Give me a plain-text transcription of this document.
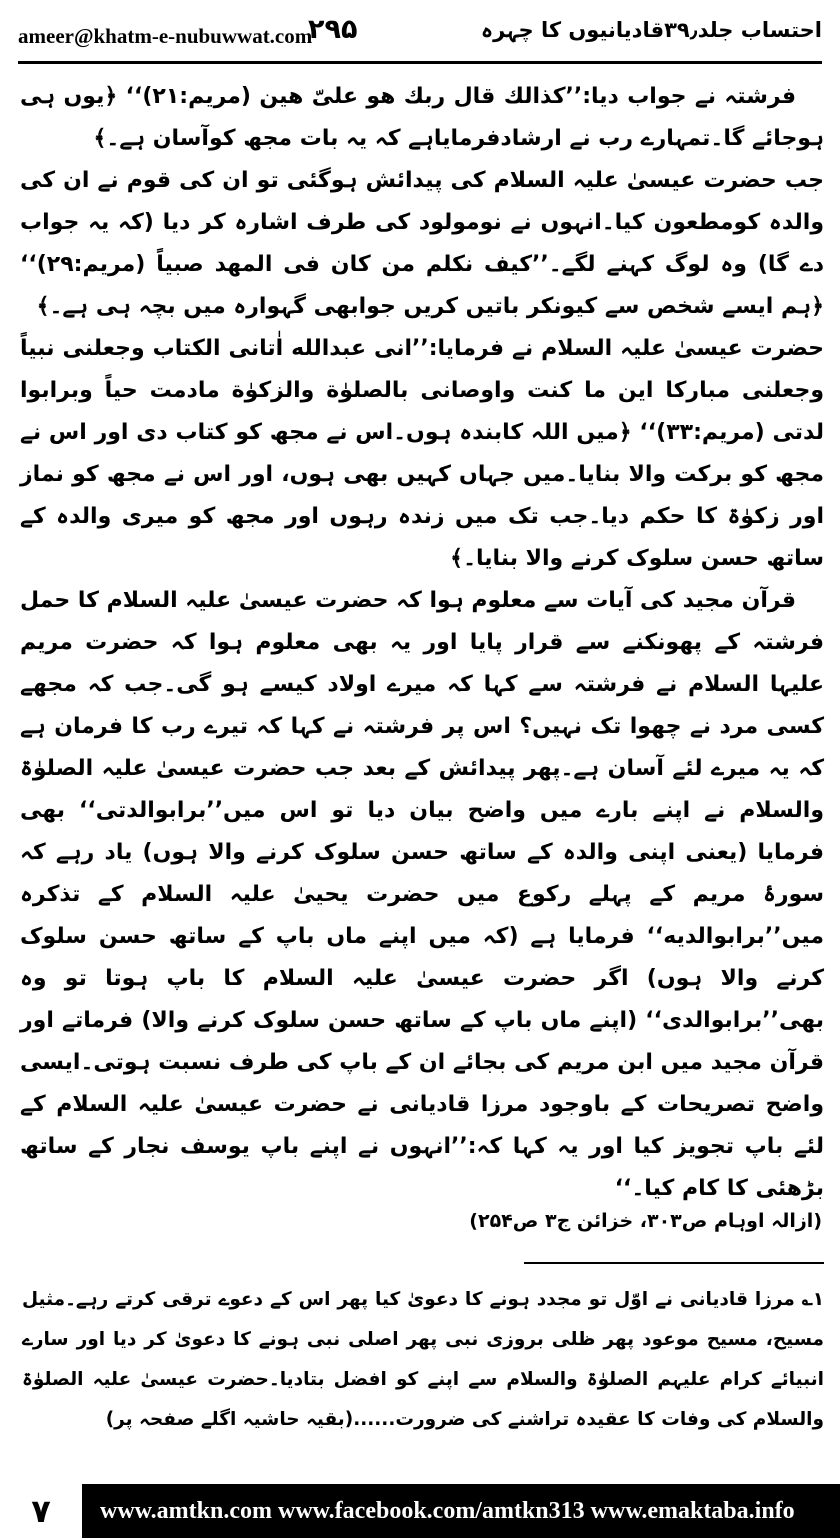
ameer@khatm-e-nubuwwat.com
۲۹۵	احتساب جلد۳۹٫قادیانیوں کا چہرہ

فرشتہ نے جواب دیا:’’کذالك قال ربك هو علىّ هين (مريم:٢١)‘‘ ﴿یوں ہی ہوجائے گا۔تمہارے رب نے ارشادفرمایاہے کہ یہ بات مجھ کوآسان ہے۔﴾

جب حضرت عیسیٰ علیہ السلام کی پیدائش ہوگئی تو ان کی قوم نے ان کی والدہ کومطعون کیا۔انہوں نے نومولود کی طرف اشارہ کر دیا (کہ یہ جواب دے گا) وہ لوگ کہنے لگے۔’’كيف نكلم من كان فى المهد صبياً (مريم:٢٩)‘‘ ﴿ہم ایسے شخص سے کیونکر باتیں کریں جوابھی گہوارہ میں بچہ ہی ہے۔﴾

حضرت عیسیٰ علیہ السلام نے فرمایا:’’انى عبدالله اٰتانى الكتاب وجعلنى نبياً وجعلنى مباركا اين ما كنت واوصانى بالصلوٰة والزكوٰة مادمت حياً وبرابوا لدتى (مريم:٣٣)‘‘ ﴿میں اللہ کابندہ ہوں۔اس نے مجھ کو کتاب دی اور اس نے مجھ کو برکت والا بنایا۔میں جہاں کہیں بھی ہوں، اور اس نے مجھ کو نماز اور زکوٰۃ کا حکم دیا۔جب تک میں زندہ رہوں اور مجھ کو میری والدہ کے ساتھ حسن سلوک کرنے والا بنایا۔﴾

قرآن مجید کی آیات سے معلوم ہوا کہ حضرت عیسیٰ علیہ السلام کا حمل فرشتہ کے پھونکنے سے قرار پایا اور یہ بھی معلوم ہوا کہ حضرت مریم علیہا السلام نے فرشتہ سے کہا کہ میرے اولاد کیسے ہو گی۔جب کہ مجھے کسی مرد نے چھوا تک نہیں؟ اس پر فرشتہ نے کہا کہ تیرے رب کا فرمان ہے کہ یہ میرے لئے آسان ہے۔پھر پیدائش کے بعد جب حضرت عیسیٰ علیہ الصلوٰۃ والسلام نے اپنے بارے میں واضح بیان دیا تو اس میں’’برابوالدتى‘‘ بھی فرمایا (یعنی اپنی والدہ کے ساتھ حسن سلوک کرنے والا ہوں) یاد رہے کہ سورۂ مریم کے پہلے رکوع میں حضرت یحییٰ علیہ السلام کے تذکرہ میں’’برابوالديه‘‘ فرمایا ہے (کہ میں اپنے ماں باپ کے ساتھ حسن سلوک کرنے والا ہوں) اگر حضرت عیسیٰ علیہ السلام کا باپ ہوتا تو وہ بھی’’برابوالدى‘‘ (اپنے ماں باپ کے ساتھ حسن سلوک کرنے والا) فرماتے اور قرآن مجید میں ابن مریم کی بجائے ان کے باپ کی طرف نسبت ہوتی۔ایسی واضح تصریحات کے باوجود مرزا قادیانی نے حضرت عیسیٰ علیہ السلام کے لئے باپ تجویز کیا اور یہ کہا کہ:’’انہوں نے اپنے باپ یوسف نجار کے ساتھ بڑھئی کا کام کیا۔‘‘

(ازالہ اوہام ص۳۰۳، خزائن ج۳ ص۲۵۴)

۱؎ مرزا قادیانی نے اوّل تو مجدد ہونے کا دعویٰ کیا پھر اس کے دعوے ترقی کرتے رہے۔مثیل مسیح، مسیح موعود پھر ظلی بروزی نبی پھر اصلی نبی ہونے کا دعویٰ کر دیا اور سارے انبیائے کرام علیہم الصلوٰۃ والسلام سے اپنے کو افضل بتادیا۔حضرت عیسیٰ علیہ الصلوٰۃ والسلام کی وفات کا عقیدہ تراشنے کی ضرورت......(بقیہ حاشیہ اگلے صفحہ پر)

۷	www.amtkn.com www.facebook.com/amtkn313 www.emaktaba.info
